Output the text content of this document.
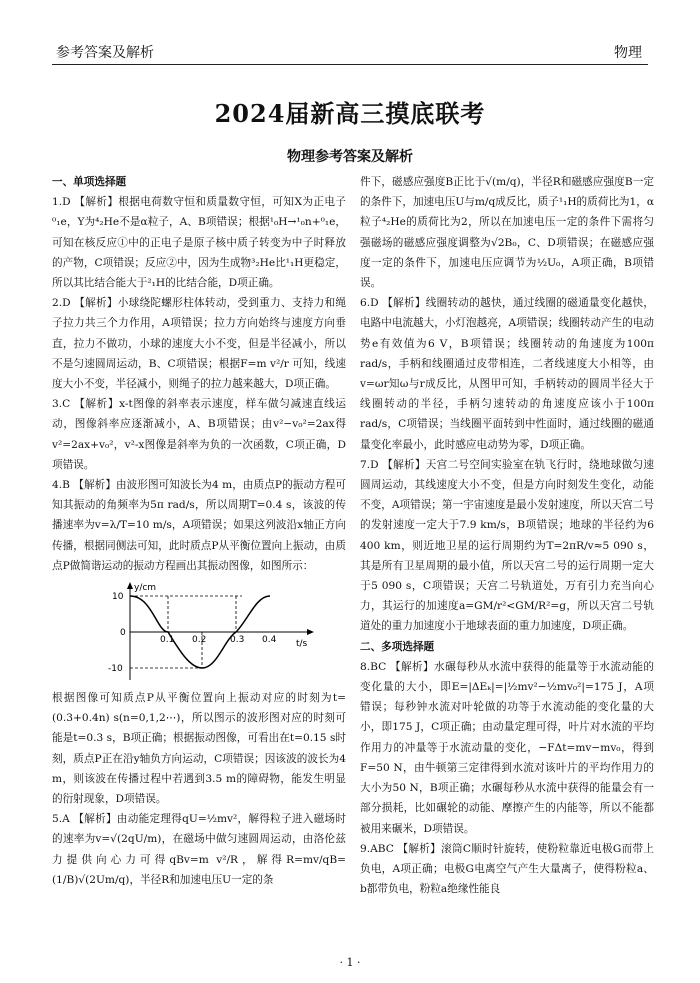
参考答案及解析	物理
2024届新高三摸底联考
物理参考答案及解析
一、单项选择题

1.D 【解析】根据电荷数守恒和质量数守恒，可知X为正电子⁰₁e，Y为⁴₂He不是α粒子，A、B项错误；根据¹₀H→¹₀n+⁰₁e，可知在核反应①中的正电子是原子核中质子转变为中子时释放的产物，C项错误；反应②中，因为生成物³₂He比¹₁H更稳定，所以其比结合能大于²₁H的比结合能，D项正确。

2.D 【解析】小球绕陀螺形柱体转动，受到重力、支持力和绳子拉力共三个力作用，A项错误；拉力方向始终与速度方向垂直，拉力不做功，小球的速度大小不变，但是半径减小，所以不是匀速圆周运动，B、C项错误；根据F=m v²/r 可知，线速度大小不变，半径减小，则绳子的拉力越来越大，D项正确。

3.C 【解析】x-t图像的斜率表示速度，样车做匀减速直线运动，图像斜率应逐渐减小，A、B项错误；由v²−v₀²=2ax得v²=2ax+v₀²，v²-x图像是斜率为负的一次函数，C项正确，D项错误。

4.B 【解析】由波形图可知波长为4 m，由质点P的振动方程可知其振动的角频率为5π rad/s，所以周期T=0.4 s，该波的传播速率为v=λ/T=10 m/s，A项错误；如果这列波沿x轴正方向传播，根据同侧法可知，此时质点P从平衡位置向上振动，由质点P做简谐运动的振动方程画出其振动图像，如图所示：

y/cm
t/s
10
0
-10
0.1 0.2	0.3 0.4

根据图像可知质点P从平衡位置向上振动对应的时刻为t=(0.3+0.4n) s(n=0,1,2⋯)，所以图示的波形图对应的时刻可能是t=0.3 s，B项正确；根据振动图像，可看出在t=0.15 s时刻，质点P正在沿y轴负方向运动，C项错误；因该波的波长为4 m，则该波在传播过程中若遇到3.5 m的障碍物，能发生明显的衍射现象，D项错误。

5.A 【解析】由动能定理得qU=½mv²，解得粒子进入磁场时的速率为v=√(2qU/m)，在磁场中做匀速圆周运动，由洛伦兹力提供向心力可得qBv=m v²/R，解得R=mv/qB=(1/B)√(2Um/q)，半径R和加速电压U一定的条

件下，磁感应强度B正比于√(m/q)，半径R和磁感应强度B一定的条件下，加速电压U与m/q成反比，质子¹₁H的质荷比为1，α粒子⁴₂He的质荷比为2，所以在加速电压一定的条件下需将匀强磁场的磁感应强度调整为√2B₀，C、D项错误；在磁感应强度一定的条件下，加速电压应调节为½U₀，A项正确，B项错误。

6.D 【解析】线圈转动的越快，通过线圈的磁通量变化越快，电路中电流越大，小灯泡越亮，A项错误；线圈转动产生的电动势e有效值为6 V，B项错误；线圈转动的角速度为100π rad/s，手柄和线圈通过皮带相连，二者线速度大小相等，由v=ωr知ω与r成反比，从图甲可知，手柄转动的圆周半径大于线圈转动的半径，手柄匀速转动的角速度应该小于100π rad/s，C项错误；当线圈平面转到中性面时，通过线圈的磁通量变化率最小，此时感应电动势为零，D项正确。

7.D 【解析】天宫二号空间实验室在轨飞行时，绕地球做匀速圆周运动，其线速度大小不变，但是方向时刻发生变化，动能不变，A项错误；第一宇宙速度是最小发射速度，所以天宫二号的发射速度一定大于7.9 km/s，B项错误；地球的半径约为6 400 km，则近地卫星的运行周期约为T=2πR/v≈5 090 s，其是所有卫星周期的最小值，所以天宫二号的运行周期一定大于5 090 s，C项错误；天宫二号轨道处，万有引力充当向心力，其运行的加速度a=GM/r²<GM/R²=g，所以天宫二号轨道处的重力加速度小于地球表面的重力加速度，D项正确。

二、多项选择题

8.BC 【解析】水碾每秒从水流中获得的能量等于水流动能的变化量的大小，即E=|ΔEₖ|=|½mv²−½mv₀²|=175 J，A项错误；每秒钟水流对叶轮做的功等于水流动能的变化量的大小，即175 J，C项正确；由动量定理可得，叶片对水流的平均作用力的冲量等于水流动量的变化，−FΔt=mv−mv₀，得到F=50 N，由牛顿第三定律得到水流对该叶片的平均作用力的大小为50 N，B项正确；水碾每秒从水流中获得的能量会有一部分损耗，比如碾轮的动能、摩擦产生的内能等，所以不能都被用来碾米，D项错误。

9.ABC 【解析】滚筒C顺时针旋转，使粉粒靠近电极G而带上负电，A项正确；电极G电离空气产生大量离子，使得粉粒a、b都带负电，粉粒a绝缘性能良

· 1 ·
